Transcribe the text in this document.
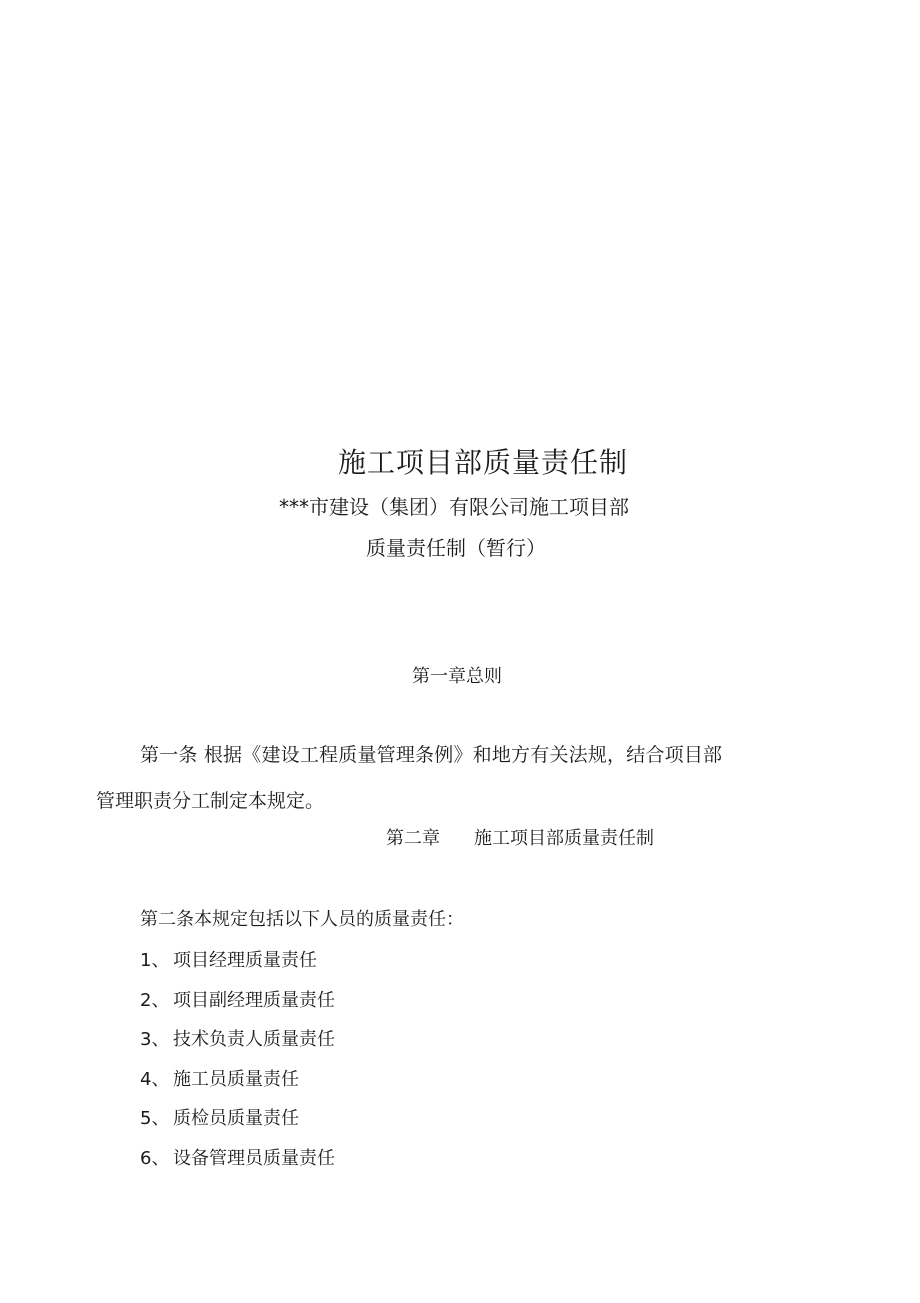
施工项目部质量责任制
***市建设（集团）有限公司施工项目部
质量责任制（暂行）
第一章总则
第一条 根据《建设工程质量管理条例》和地方有关法规，结合项目部
管理职责分工制定本规定。
第二章 施工项目部质量责任制
第二条本规定包括以下人员的质量责任：
1、 项目经理质量责任
2、 项目副经理质量责任
3、 技术负责人质量责任
4、 施工员质量责任
5、 质检员质量责任
6、 设备管理员质量责任
